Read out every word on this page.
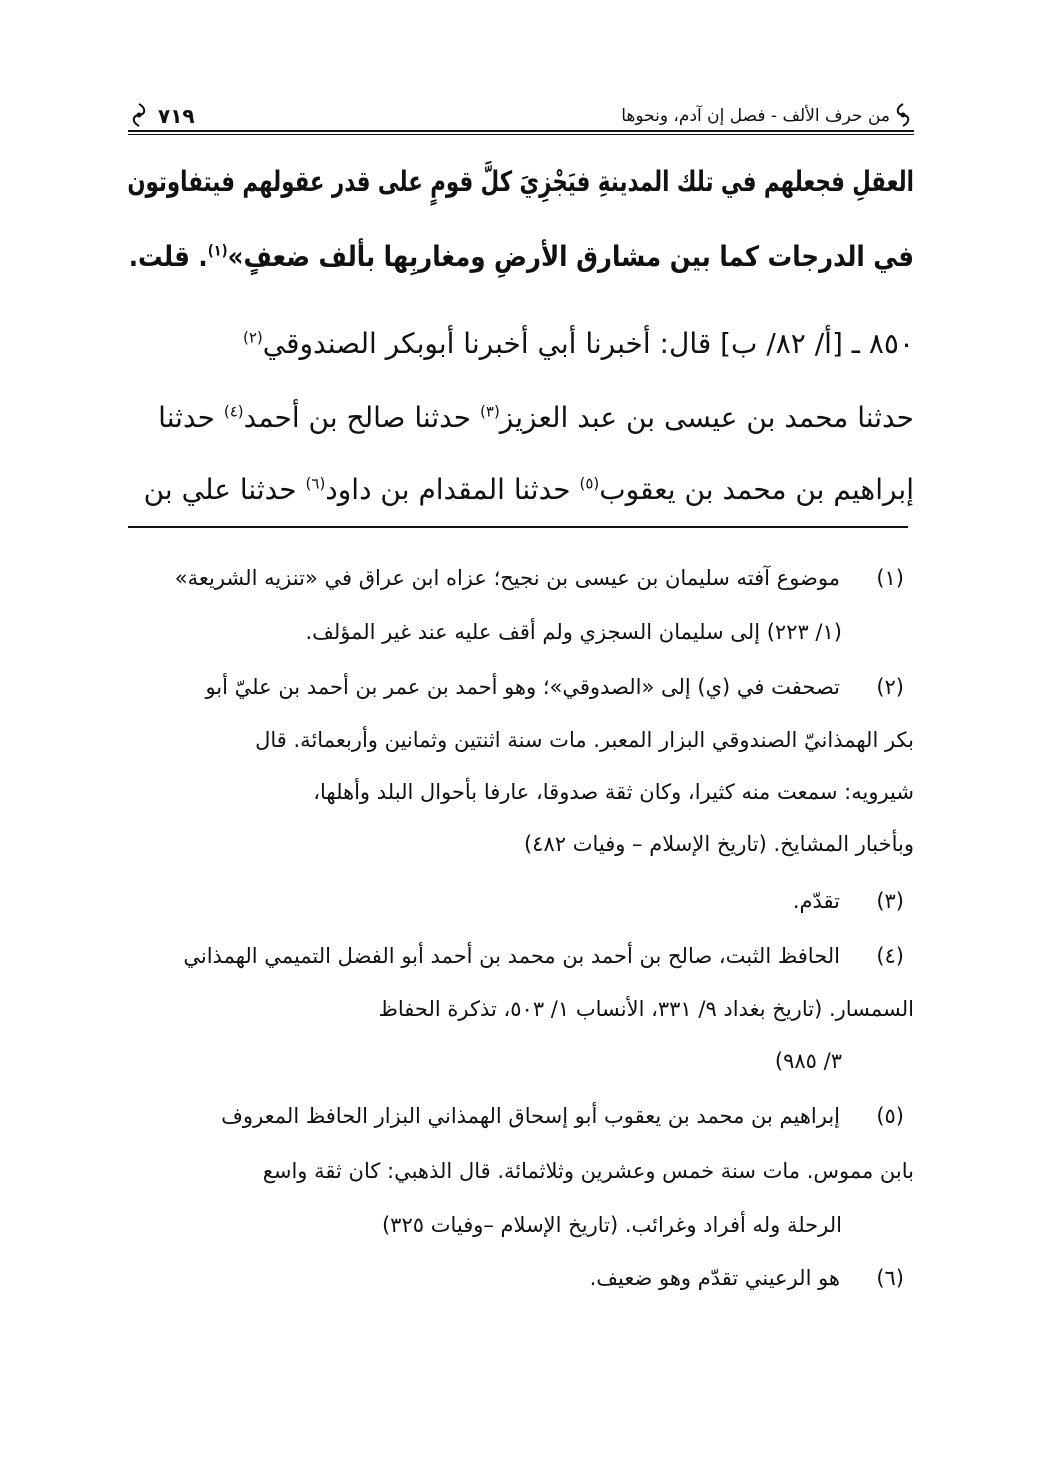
من حرف الألف - فصل إن آدم، ونحوها
٧١٩
العقلِ فجعلهم في تلك المدينةِ فيَجْزِيَ كلَّ قومٍ على قدر عقولهم فيتفاوتون
في الدرجات كما بين مشارق الأرضِ ومغاربِها بألف ضعفٍ»$^{(١)}$. قلت.
٨٥٠ ـ [أ/ ٨٢/ ب] قال: أخبرنا أبي أخبرنا أبوبكر الصندوقي$^{(٢)}$
حدثنا محمد بن عيسى بن عبد العزيز$^{(٣)}$ حدثنا صالح بن أحمد$^{(٤)}$ حدثنا
إبراهيم بن محمد بن يعقوب$^{(٥)}$ حدثنا المقدام بن داود$^{(٦)}$ حدثنا علي بن
(١)
موضوع آفته سليمان بن عيسى بن نجيح؛ عزاه ابن عراق في «تنزيه الشريعة»
(١/ ٢٢٣) إلى سليمان السجزي ولم أقف عليه عند غير المؤلف.
(٢)
تصحفت في (ي) إلى «الصدوقي»؛ وهو أحمد بن عمر بن أحمد بن عليّ أبو
بكر الهمذانيّ الصندوقي البزار المعبر. مات سنة اثنتين وثمانين وأربعمائة. قال
شيرويه: سمعت منه كثيرا، وكان ثقة صدوقا، عارفا بأحوال البلد وأهلها،
وبأخبار المشايخ. (تاريخ الإسلام – وفيات ٤٨٢)
(٣)
تقدّم.
(٤)
الحافظ الثبت، صالح بن أحمد بن محمد بن أحمد أبو الفضل التميمي الهمذاني
السمسار. (تاريخ بغداد ٩/ ٣٣١، الأنساب ١/ ٥٠٣، تذكرة الحفاظ
٣/ ٩٨٥)
(٥)
إبراهيم بن محمد بن يعقوب أبو إسحاق الهمذاني البزار الحافظ المعروف
بابن مموس. مات سنة خمس وعشرين وثلاثمائة. قال الذهبي: كان ثقة واسع
الرحلة وله أفراد وغرائب. (تاريخ الإسلام –وفيات ٣٢٥)
(٦)
هو الرعيني تقدّم وهو ضعيف.
